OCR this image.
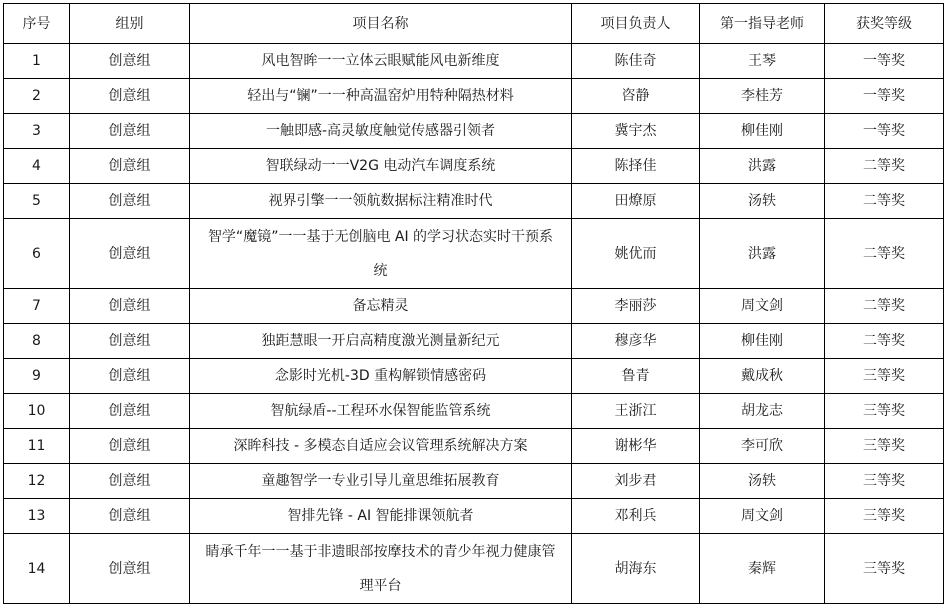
序号	组别	项目名称	项目负责人	第一指导老师	获奖等级
1	创意组	风电智眸一一立体云眼赋能风电新维度	陈佳奇	王琴	一等奖
2	创意组	轻出与“镧”一一种高温窑炉用特种隔热材料	咨静	李桂芳	一等奖
3	创意组	一触即感-高灵敏度触觉传感器引领者	冀宇杰	柳佳刚	一等奖
4	创意组	智联绿动一一V2G 电动汽车调度系统	陈择佳	洪露	二等奖
5	创意组	视界引擎一一领航数据标注精准时代	田燎原	汤轶	二等奖
6	创意组	智学“魔镜”一一基于无创脑电 AI 的学习状态实时干预系统	姚优而	洪露	二等奖
7	创意组	备忘精灵	李丽莎	周文剑	二等奖
8	创意组	独距慧眼一开启高精度激光测量新纪元	穆彦华	柳佳刚	二等奖
9	创意组	念影时光机-3D 重构解锁情感密码	鲁青	戴成秋	三等奖
10	创意组	智航绿盾--工程环水保智能监管系统	王浙江	胡龙志	三等奖
11	创意组	深眸科技 - 多模态自适应会议管理系统解决方案	谢彬华	李可欣	三等奖
12	创意组	童趣智学一专业引导儿童思维拓展教育	刘步君	汤轶	三等奖
13	创意组	智排先锋 - AI 智能排课领航者	邓利兵	周文剑	三等奖
14	创意组	睛承千年一一基于非遗眼部按摩技术的青少年视力健康管理平台	胡海东	秦辉	三等奖
